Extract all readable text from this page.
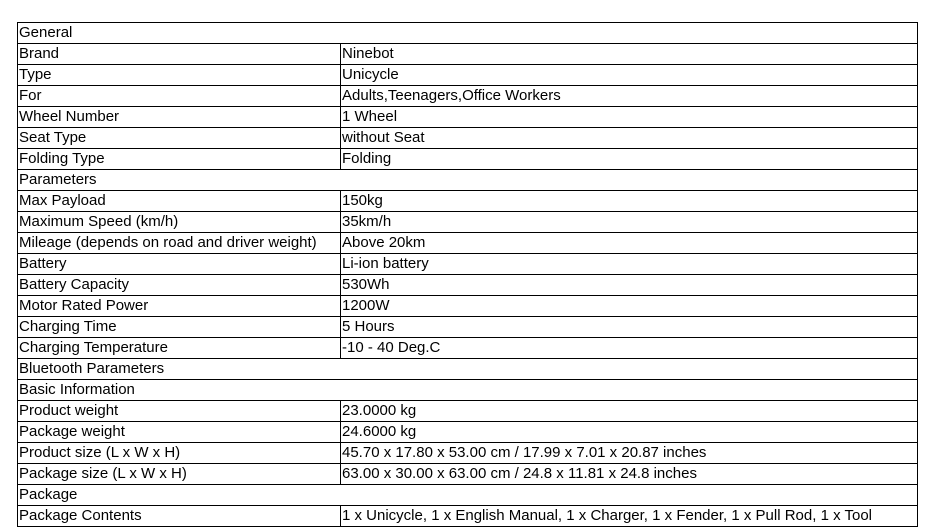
General	
Brand	Ninebot
Type	Unicycle
For	Adults,Teenagers,Office Workers
Wheel Number	1 Wheel
Seat Type	without Seat
Folding Type	Folding
Parameters	
Max Payload	150kg
Maximum Speed (km/h)	35km/h
Mileage (depends on road and driver weight)	Above 20km
Battery	Li-ion battery
Battery Capacity	530Wh
Motor Rated Power	1200W
Charging Time	5 Hours
Charging Temperature	-10 - 40 Deg.C
Bluetooth Parameters	
Basic Information	
Product weight	23.0000 kg
Package weight	24.6000 kg
Product size (L x W x H)	45.70 x 17.80 x 53.00 cm / 17.99 x 7.01 x 20.87 inches
Package size (L x W x H)	63.00 x 30.00 x 63.00 cm / 24.8 x 11.81 x 24.8 inches
Package	
Package Contents	1 x Unicycle, 1 x English Manual, 1 x Charger, 1 x Fender, 1 x Pull Rod, 1 x Tool
